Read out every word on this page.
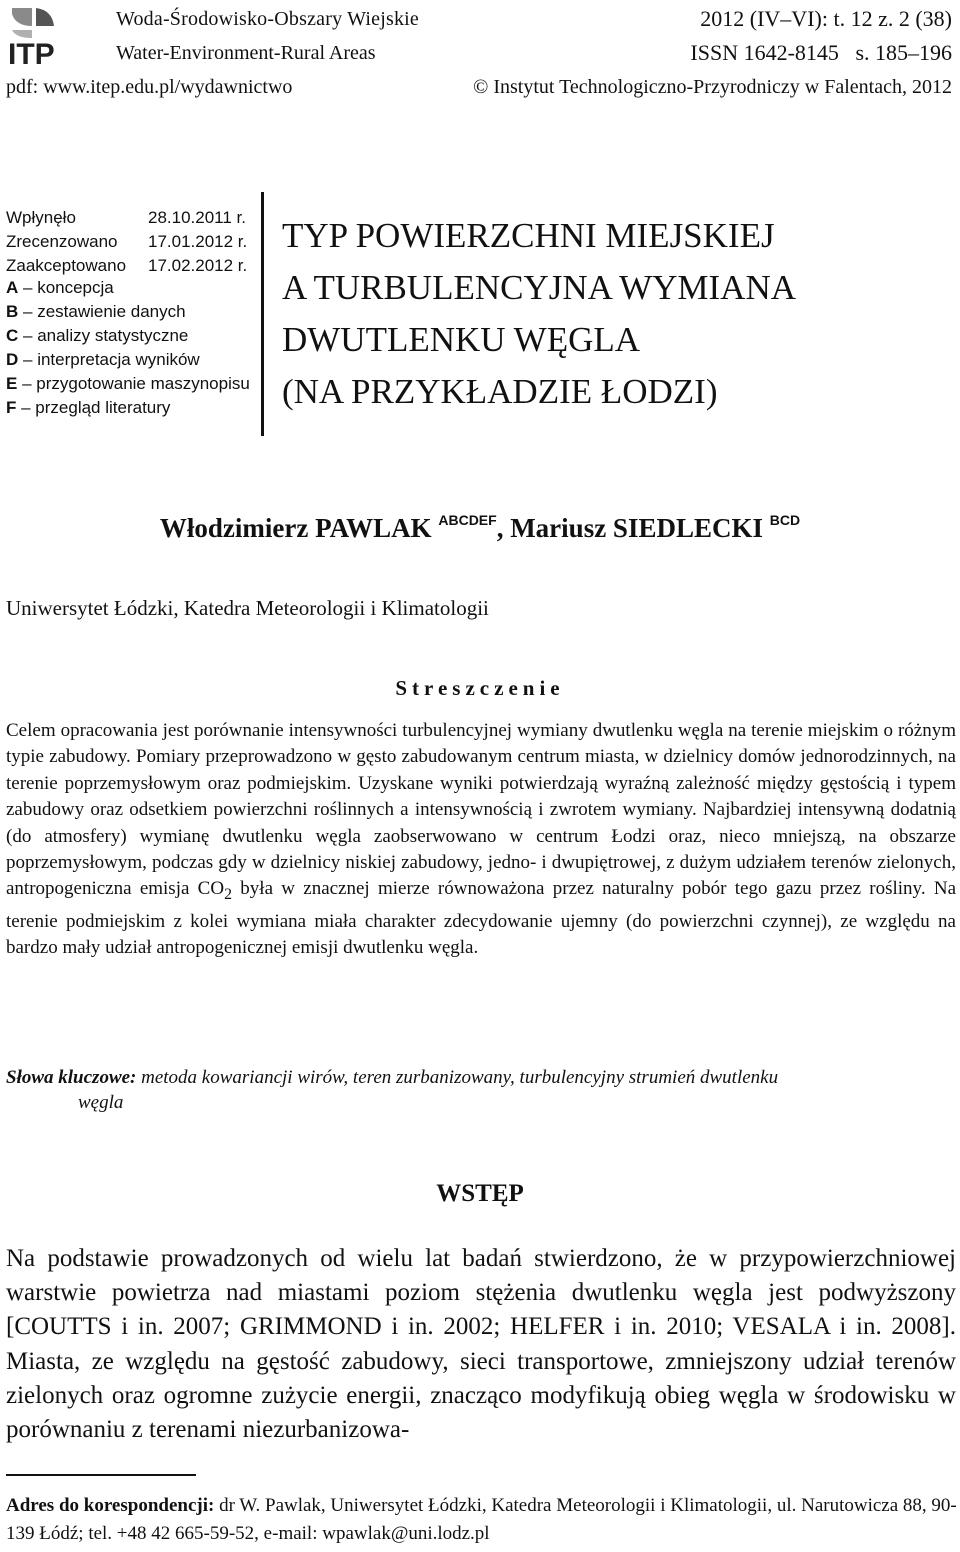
ITP
Woda-Środowisko-Obszary Wiejskie
Water-Environment-Rural Areas
2012 (IV–VI): t. 12 z. 2 (38)
ISSN 1642-8145 s. 185–196
pdf: www.itep.edu.pl/wydawnictwo	© Instytut Technologiczno-Przyrodniczy w Falentach, 2012
Wpłynęło	28.10.2011 r.
Zrecenzowano	17.01.2012 r.
Zaakceptowano	17.02.2012 r.
A – koncepcja
B – zestawienie danych
C – analizy statystyczne
D – interpretacja wyników
E – przygotowanie maszynopisu
F – przegląd literatury
TYP POWIERZCHNI MIEJSKIEJ
A TURBULENCYJNA WYMIANA
DWUTLENKU WĘGLA
(NA PRZYKŁADZIE ŁODZI)
Włodzimierz PAWLAK $^{ABCDEF}$, Mariusz SIEDLECKI $^{BCD}$
Uniwersytet Łódzki, Katedra Meteorologii i Klimatologii
Streszczenie
Celem opracowania jest porównanie intensywności turbulencyjnej wymiany dwutlenku węgla na terenie miejskim o różnym typie zabudowy. Pomiary przeprowadzono w gęsto zabudowanym centrum miasta, w dzielnicy domów jednorodzinnych, na terenie poprzemysłowym oraz podmiejskim. Uzyskane wyniki potwierdzają wyraźną zależność między gęstością i typem zabudowy oraz odsetkiem powierzchni roślinnych a intensywnością i zwrotem wymiany. Najbardziej intensywną dodatnią (do atmosfery) wymianę dwutlenku węgla zaobserwowano w centrum Łodzi oraz, nieco mniejszą, na obszarze poprzemysłowym, podczas gdy w dzielnicy niskiej zabudowy, jedno- i dwupiętrowej, z dużym udziałem terenów zielonych, antropogeniczna emisja $CO_2$ była w znacznej mierze równoważona przez naturalny pobór tego gazu przez rośliny. Na terenie podmiejskim z kolei wymiana miała charakter zdecydowanie ujemny (do powierzchni czynnej), ze względu na bardzo mały udział antropogenicznej emisji dwutlenku węgla.
Słowa kluczowe: metoda kowariancji wirów, teren zurbanizowany, turbulencyjny strumień dwutlenku
węgla
WSTĘP
Na podstawie prowadzonych od wielu lat badań stwierdzono, że w przypowierzchniowej warstwie powietrza nad miastami poziom stężenia dwutlenku węgla jest podwyższony [COUTTS i in. 2007; GRIMMOND i in. 2002; HELFER i in. 2010; VESALA i in. 2008]. Miasta, ze względu na gęstość zabudowy, sieci transportowe, zmniejszony udział terenów zielonych oraz ogromne zużycie energii, znacząco modyfikują obieg węgla w środowisku w porównaniu z terenami niezurbanizowa-
Adres do korespondencji: dr W. Pawlak, Uniwersytet Łódzki, Katedra Meteorologii i Klimatologii, ul. Narutowicza 88, 90-139 Łódź; tel. +48 42 665-59-52, e-mail: wpawlak@uni.lodz.pl
